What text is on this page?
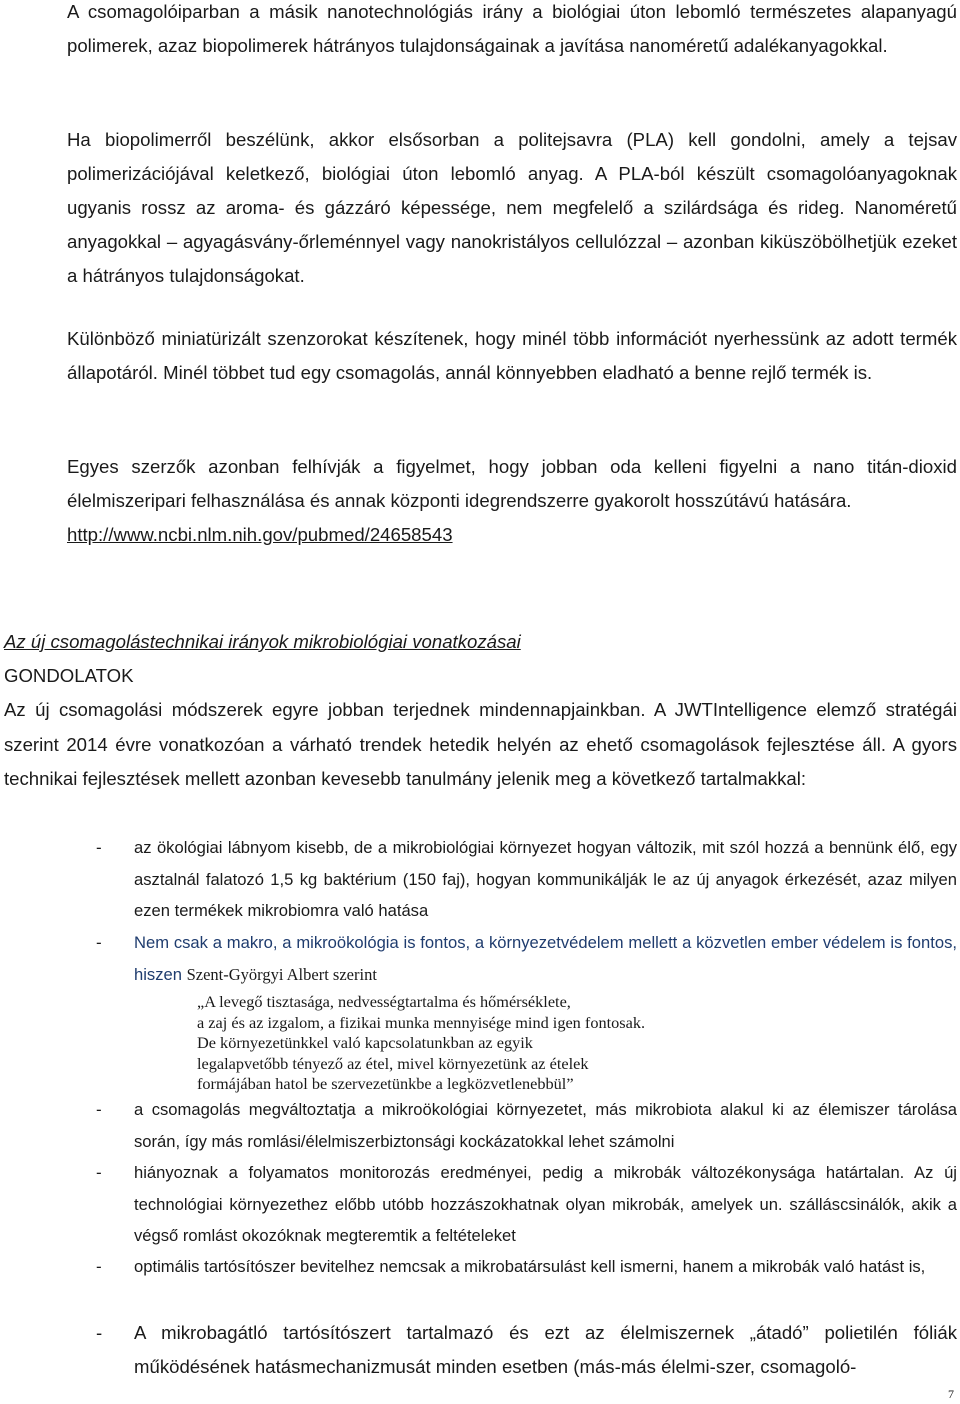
A csomagolóiparban a másik nanotechnológiás irány a biológiai úton lebomló természetes alapanyagú polimerek, azaz biopolimerek hátrányos tulajdonságainak a javítása nanoméretű adalékanyagokkal.

Ha biopolimerről beszélünk, akkor elsősorban a politejsavra (PLA) kell gondolni, amely a tejsav polimerizációjával keletkező, biológiai úton lebomló anyag. A PLA-ból készült csomagolóanyagoknak ugyanis rossz az aroma- és gázzáró képessége, nem megfelelő a szilárdsága és rideg. Nanoméretű anyagokkal – agyagásvány-őrleménnyel vagy nanokristályos cellulózzal – azonban kiküszöbölhetjük ezeket a hátrányos tulajdonságokat.

Különböző miniatürizált szenzorokat készítenek, hogy minél több információt nyerhessünk az adott termék állapotáról. Minél többet tud egy csomagolás, annál könnyebben eladható a benne rejlő termék is.

Egyes szerzők azonban felhívják a figyelmet, hogy jobban oda kelleni figyelni a nano titán-dioxid élelmiszeripari felhasználása és annak központi idegrendszerre gyakorolt hosszútávú hatására.

http://www.ncbi.nlm.nih.gov/pubmed/24658543

Az új csomagolástechnikai irányok mikrobiológiai vonatkozásai

GONDOLATOK

Az új csomagolási módszerek egyre jobban terjednek mindennapjainkban. A JWTIntelligence elemző stratégái szerint 2014 évre vonatkozóan a várható trendek hetedik helyén az ehető csomagolások fejlesztése áll. A gyors technikai fejlesztések mellett azonban kevesebb tanulmány jelenik meg a következő tartalmakkal:

- az ökológiai lábnyom kisebb, de a mikrobiológiai környezet hogyan változik, mit szól hozzá a bennünk élő, egy asztalnál falatozó 1,5 kg baktérium (150 faj), hogyan kommunikálják le az új anyagok érkezését, azaz milyen ezen termékek mikrobiomra való hatása

- Nem csak a makro, a mikroökológia is fontos, a környezetvédelem mellett a közvetlen ember védelem is fontos, hiszen Szent-Györgyi Albert szerint

„A levegő tisztasága, nedvességtartalma és hőmérséklete,
a zaj és az izgalom, a fizikai munka mennyisége mind igen fontosak.
De környezetünkkel való kapcsolatunkban az egyik
legalapvetőbb tényező az étel, mivel környezetünk az ételek
formájában hatol be szervezetünkbe a legközvetlenebbül”
- a csomagolás megváltoztatja a mikroökológiai környezetet, más mikrobiota alakul ki az élemiszer tárolása során, így más romlási/élelmiszerbiztonsági kockázatokkal lehet számolni

- hiányoznak a folyamatos monitorozás eredményei, pedig a mikrobák változékonysága határtalan. Az új technológiai környezethez előbb utóbb hozzászokhatnak olyan mikrobák, amelyek un. szálláscsinálók, akik a végső romlást okozóknak megteremtik a feltételeket

- optimális tartósítószer bevitelhez nemcsak a mikrobatársulást kell ismerni, hanem a mikrobák való hatást is,

- A mikrobagátló tartósítószert tartalmazó és ezt az élelmiszernek „átadó” polietilén fóliák működésének hatásmechanizmusát minden esetben (más-más élelmi-szer, csomagoló-

7
